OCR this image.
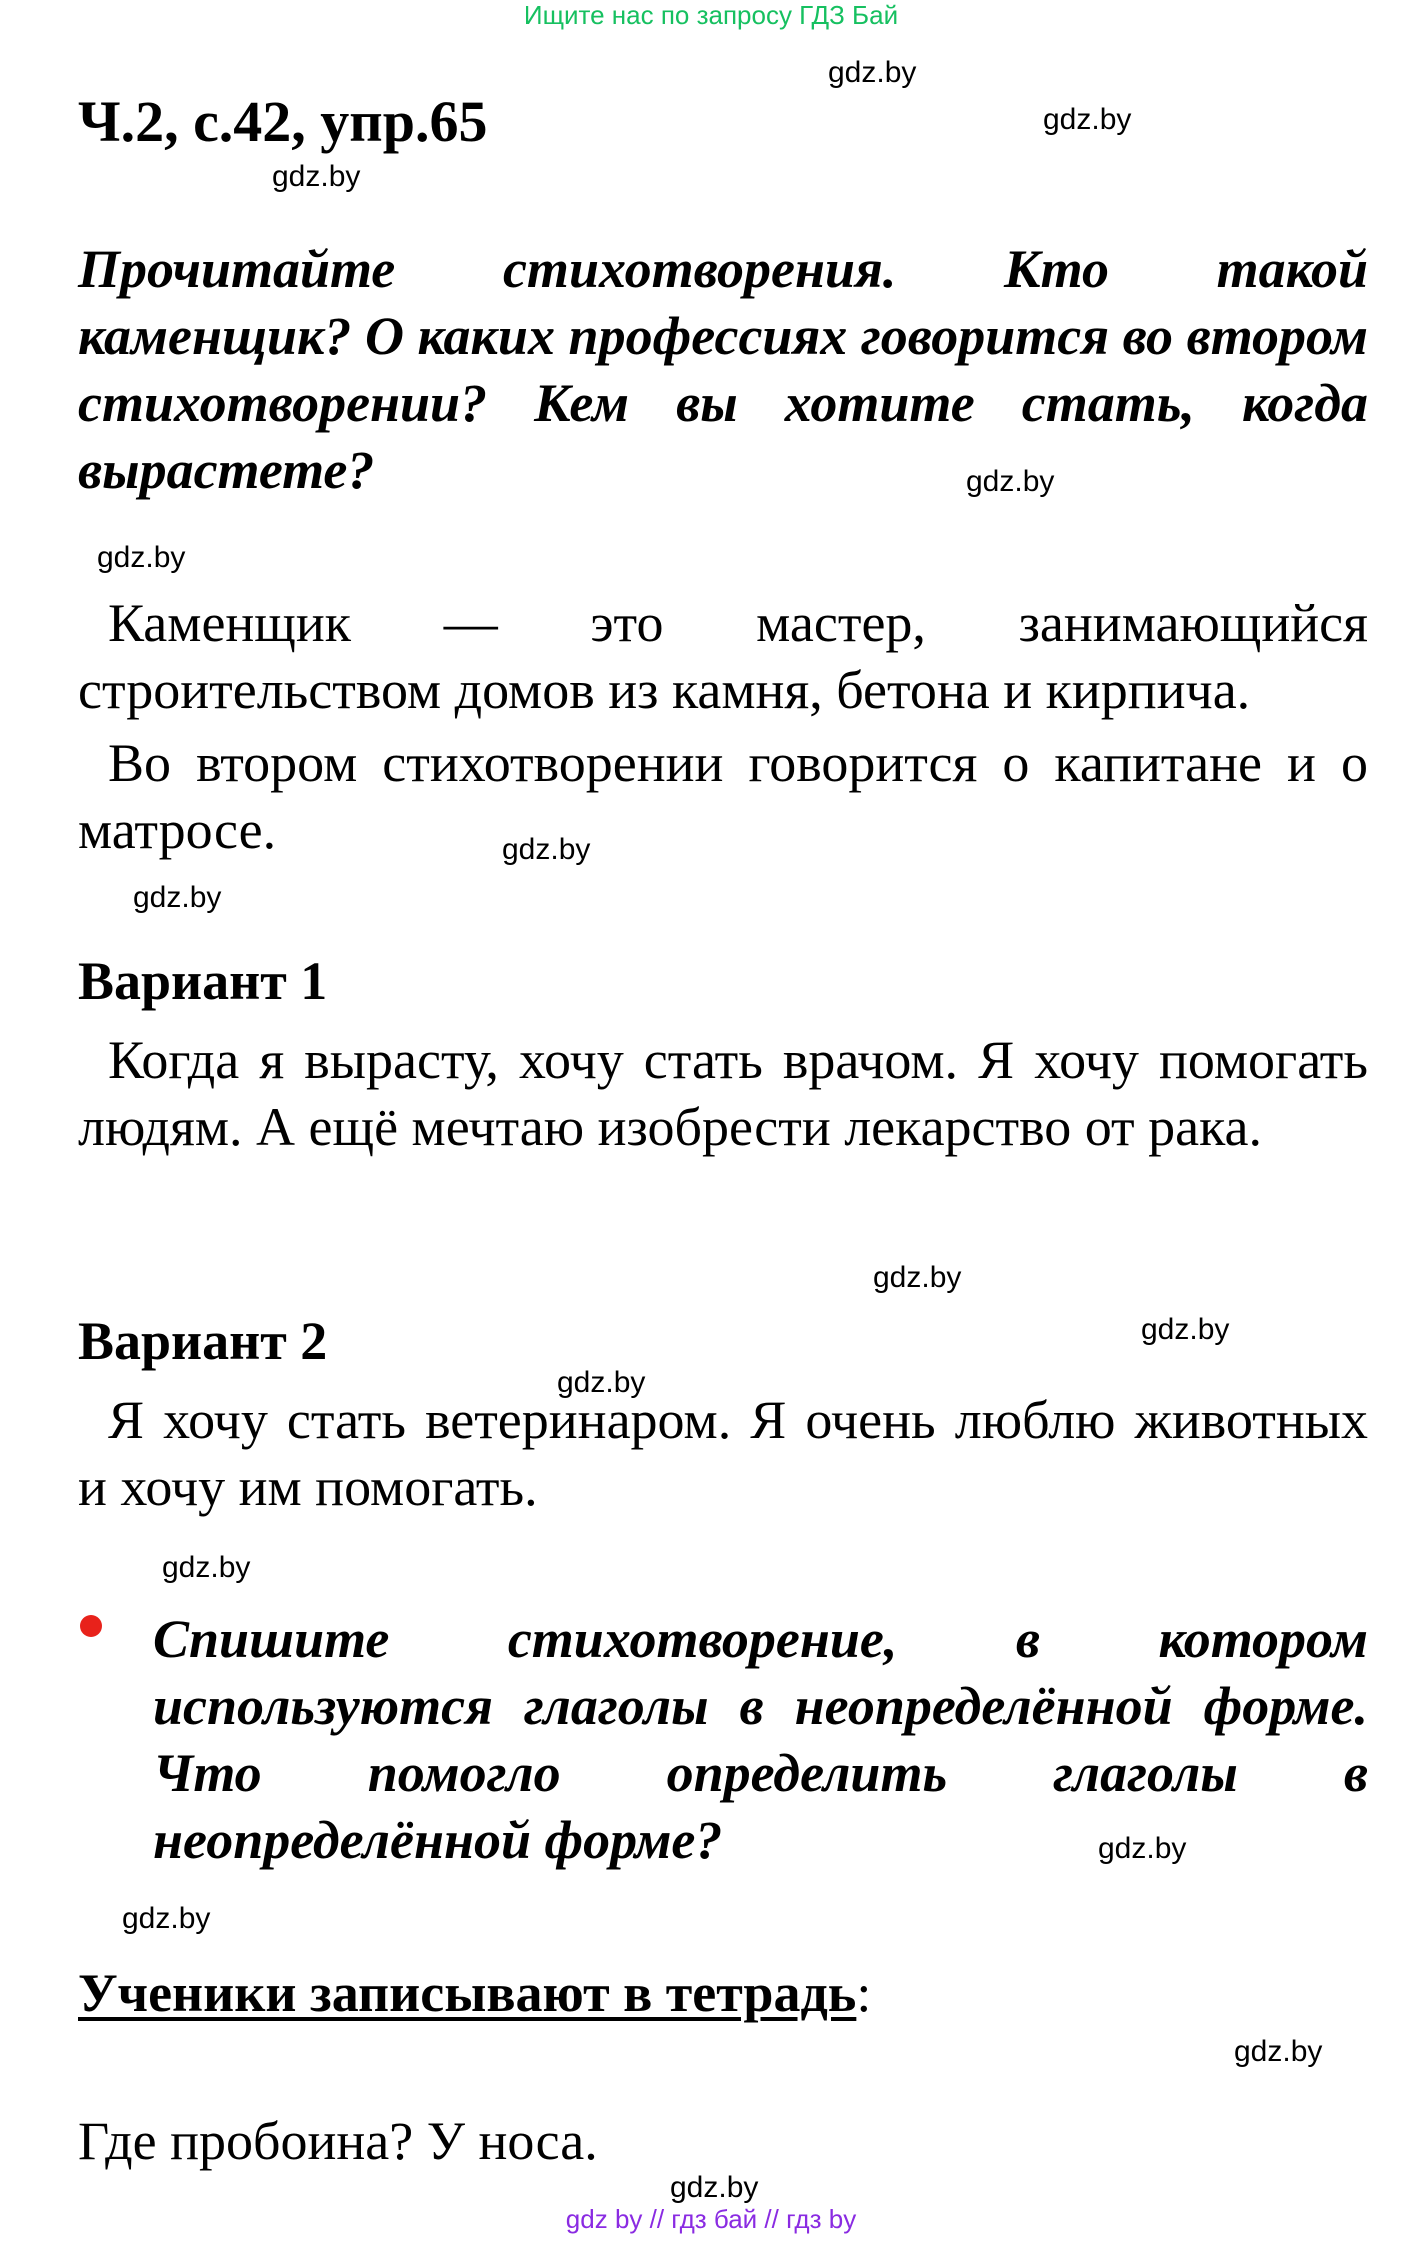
Ищите нас по запросу ГДЗ Бай
Ч.2, с.42, упр.65

Прочитайте стихотворения. Кто такой каменщик? О каких профессиях говорится во втором стихотворении? Кем вы хотите стать, когда вырастете?

Каменщик — это мастер, занимающийся строительством домов из камня, бетона и кирпича.

Во втором стихотворении говорится о капитане и о матросе.

Вариант 1

Когда я вырасту, хочу стать врачом. Я хочу помогать людям. А ещё мечтаю изобрести лекарство от рака.

Вариант 2

Я хочу стать ветеринаром. Я очень люблю животных и хочу им помогать.

Спишите стихотворение, в котором используются глаголы в неопределённой форме. Что помогло определить глаголы в неопределённой форме?

Ученики записывают в тетрадь:
Где пробоина? У носа.
gdz.by
gdz.by
gdz.by
gdz.by
gdz.by
gdz.by
gdz.by
gdz.by
gdz.by
gdz.by
gdz.by
gdz.by
gdz.by
gdz.by
gdz.by
gdz by // гдз бай // гдз by
